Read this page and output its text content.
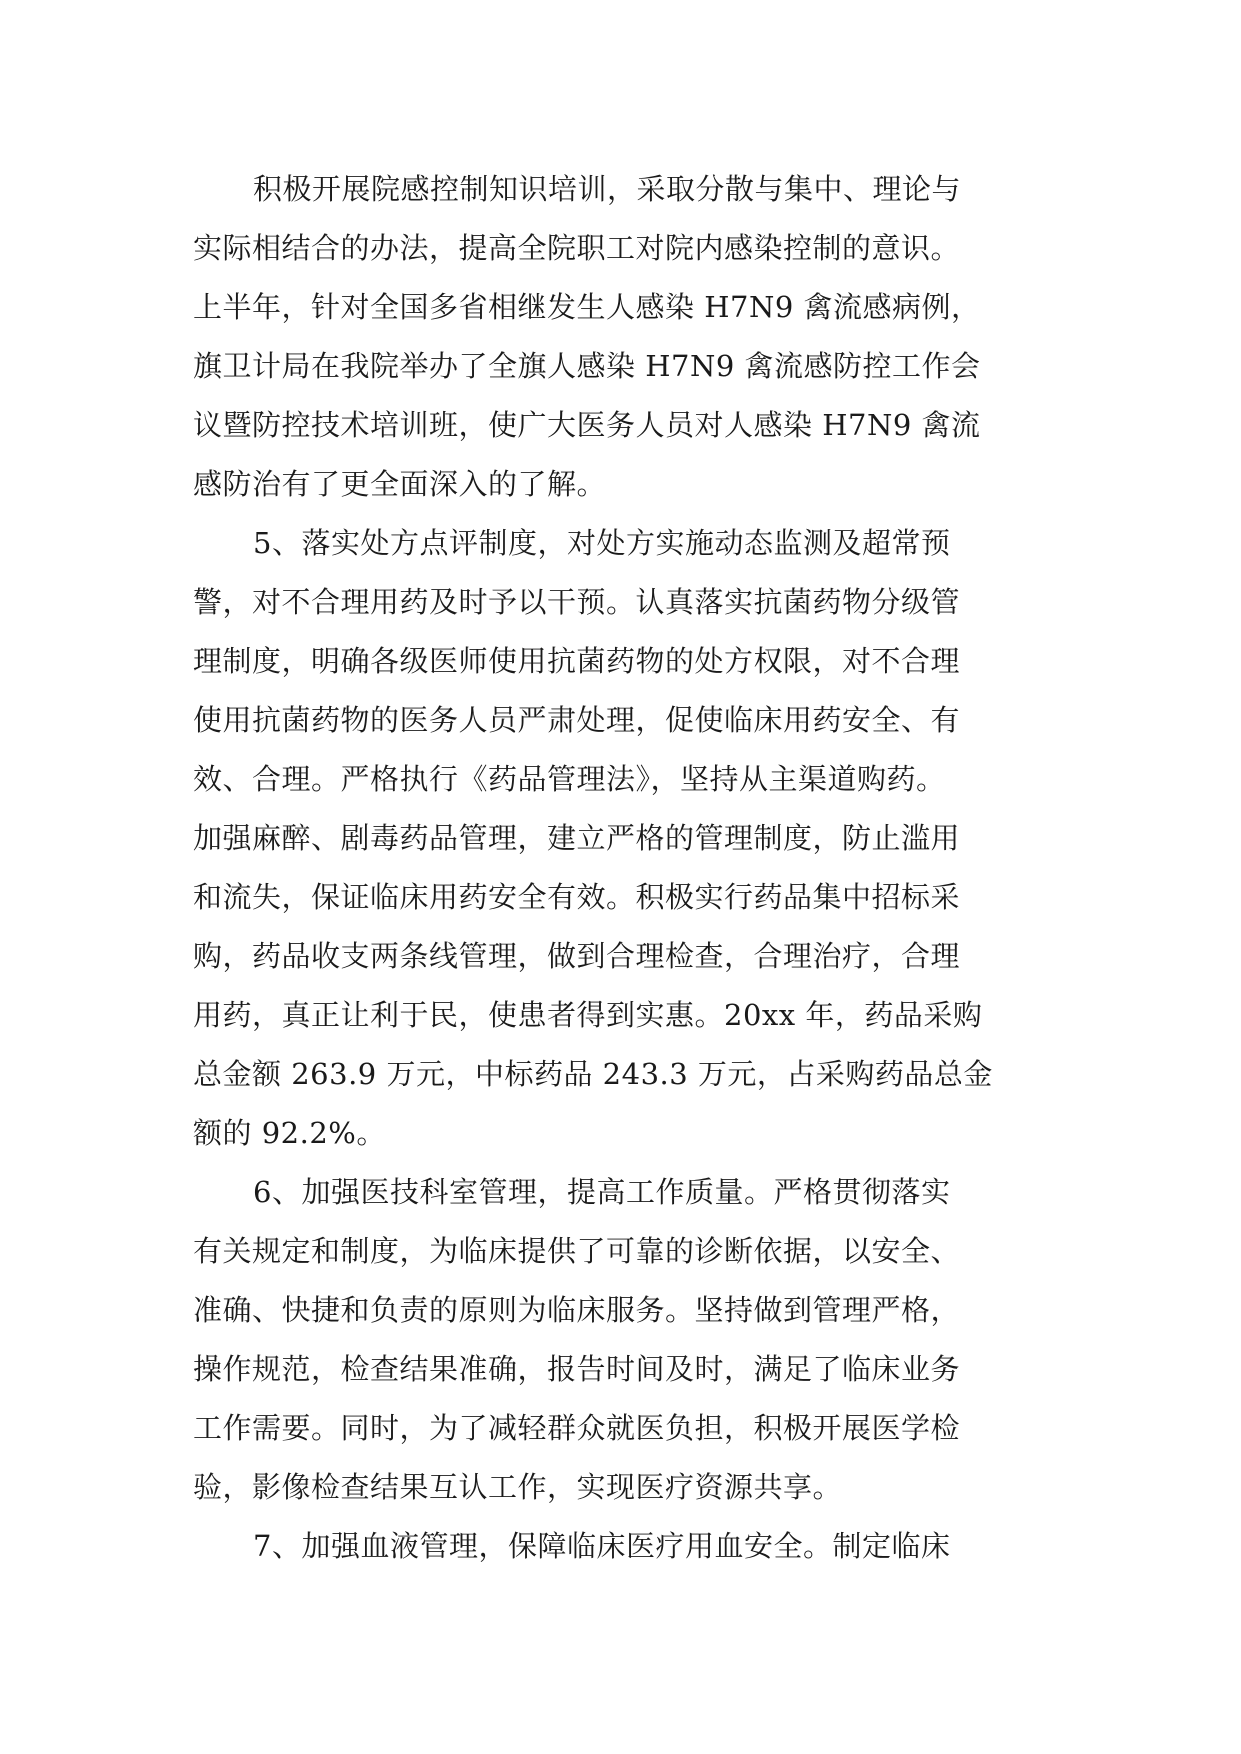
积极开展院感控制知识培训，采取分散与集中、理论与
实际相结合的办法，提高全院职工对院内感染控制的意识。
上半年，针对全国多省相继发生人感染 H7N9 禽流感病例，
旗卫计局在我院举办了全旗人感染 H7N9 禽流感防控工作会
议暨防控技术培训班，使广大医务人员对人感染 H7N9 禽流
感防治有了更全面深入的了解。
5、落实处方点评制度，对处方实施动态监测及超常预
警，对不合理用药及时予以干预。认真落实抗菌药物分级管
理制度，明确各级医师使用抗菌药物的处方权限，对不合理
使用抗菌药物的医务人员严肃处理，促使临床用药安全、有
效、合理。严格执行《药品管理法》，坚持从主渠道购药。
加强麻醉、剧毒药品管理，建立严格的管理制度，防止滥用
和流失，保证临床用药安全有效。积极实行药品集中招标采
购，药品收支两条线管理，做到合理检查，合理治疗，合理
用药，真正让利于民，使患者得到实惠。20xx 年，药品采购
总金额 263.9 万元，中标药品 243.3 万元，占采购药品总金
额的 92.2%。
6、加强医技科室管理，提高工作质量。严格贯彻落实
有关规定和制度，为临床提供了可靠的诊断依据，以安全、
准确、快捷和负责的原则为临床服务。坚持做到管理严格，
操作规范，检查结果准确，报告时间及时，满足了临床业务
工作需要。同时，为了减轻群众就医负担，积极开展医学检
验，影像检查结果互认工作，实现医疗资源共享。
7、加强血液管理，保障临床医疗用血安全。制定临床
